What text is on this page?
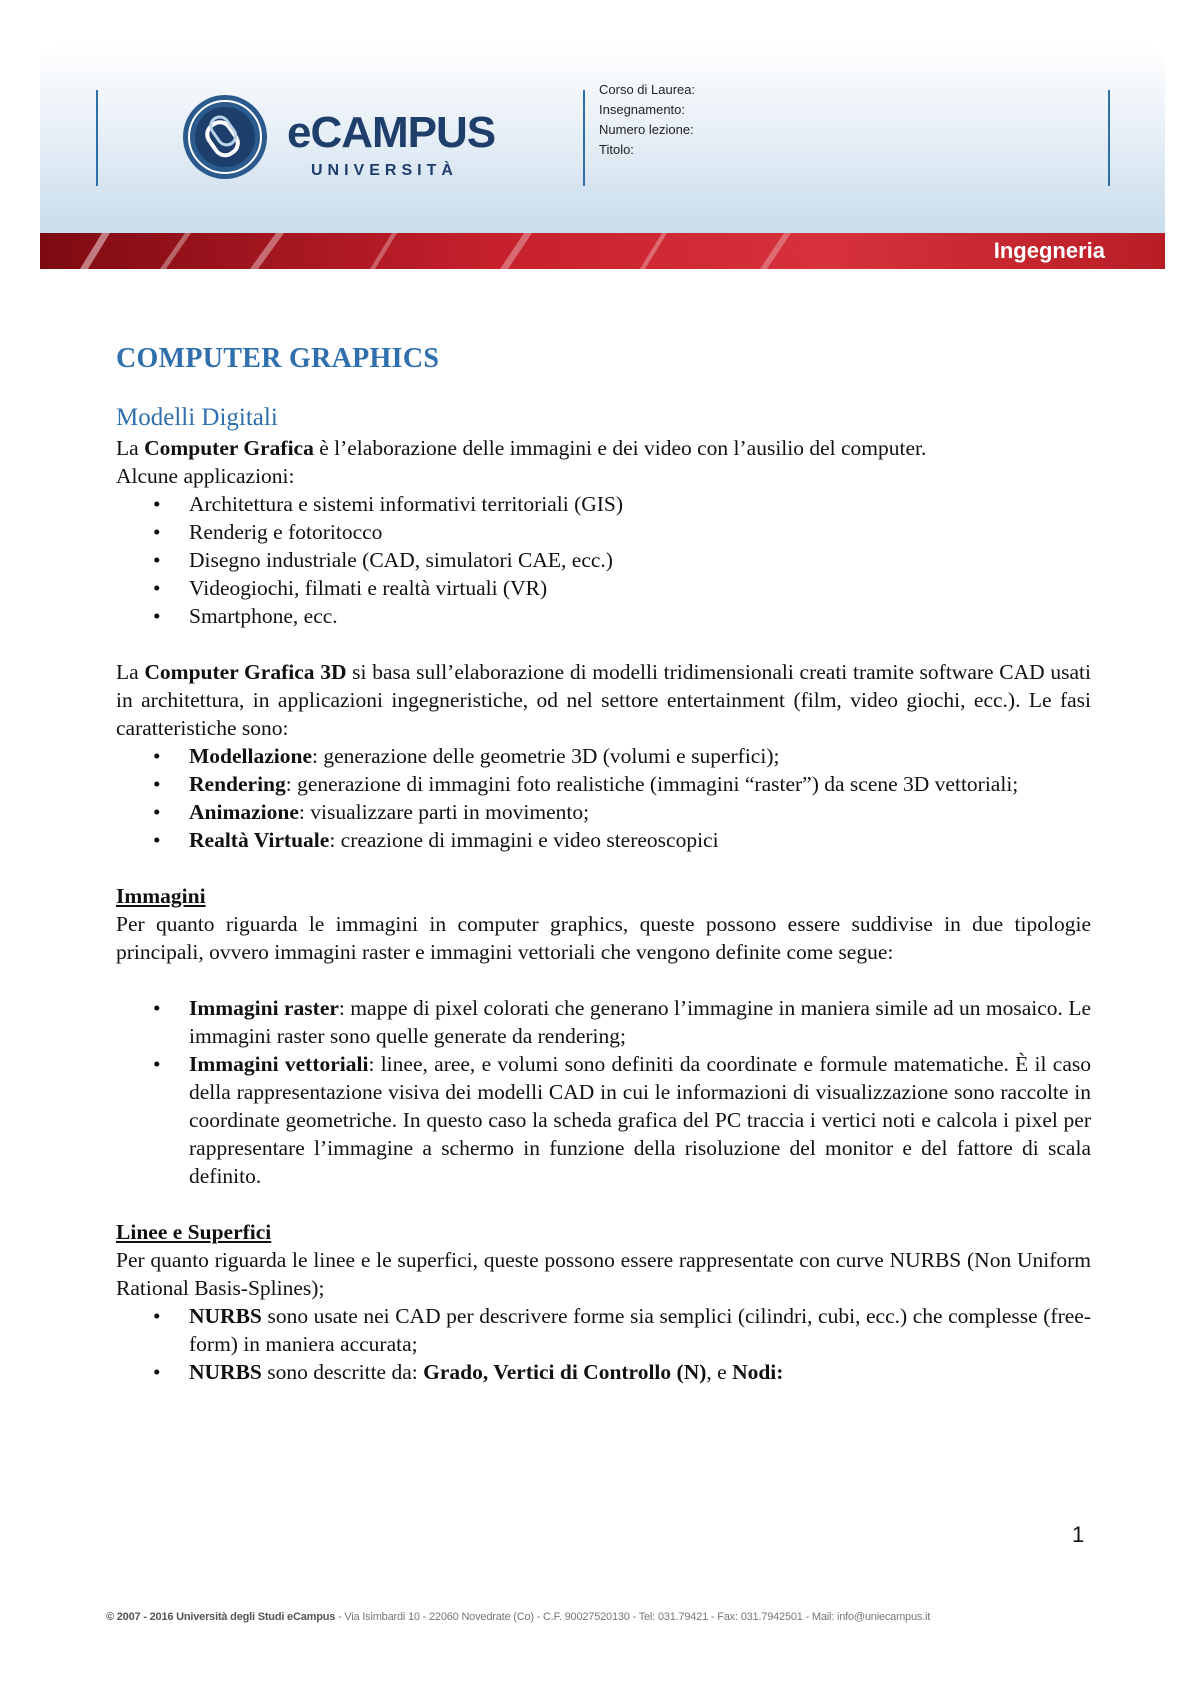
eCAMPUS
UNIVERSITÀ
Corso di Laurea:
Insegnamento:
Numero lezione:
Titolo:
Ingegneria
COMPUTER GRAPHICS
Modelli Digitali

La Computer Grafica è l’elaborazione delle immagini e dei video con l’ausilio del computer.

Alcune applicazioni:

• Architettura e sistemi informativi territoriali (GIS)
• Renderig e fotoritocco
• Disegno industriale (CAD, simulatori CAE, ecc.)
• Videogiochi, filmati e realtà virtuali (VR)
• Smartphone, ecc.

La Computer Grafica 3D si basa sull’elaborazione di modelli tridimensionali creati tramite software CAD usati in architettura, in applicazioni ingegneristiche, od nel settore entertainment (film, video giochi, ecc.). Le fasi caratteristiche sono:

• Modellazione: generazione delle geometrie 3D (volumi e superfici);
• Rendering: generazione di immagini foto realistiche (immagini “raster”) da scene 3D vettoriali;
• Animazione: visualizzare parti in movimento;
• Realtà Virtuale: creazione di immagini e video stereoscopici

Immagini

Per quanto riguarda le immagini in computer graphics, queste possono essere suddivise in due tipologie principali, ovvero immagini raster e immagini vettoriali che vengono definite come segue:

• Immagini raster: mappe di pixel colorati che generano l’immagine in maniera simile ad un mosaico. Le immagini raster sono quelle generate da rendering;
• Immagini vettoriali: linee, aree, e volumi sono definiti da coordinate e formule matematiche. È il caso della rappresentazione visiva dei modelli CAD in cui le informazioni di visualizzazione sono raccolte in coordinate geometriche. In questo caso la scheda grafica del PC traccia i vertici noti e calcola i pixel per rappresentare l’immagine a schermo in funzione della risoluzione del monitor e del fattore di scala definito.

Linee e Superfici

Per quanto riguarda le linee e le superfici, queste possono essere rappresentate con curve NURBS (Non Uniform Rational Basis-Splines);

• NURBS sono usate nei CAD per descrivere forme sia semplici (cilindri, cubi, ecc.) che complesse (free-form) in maniera accurata;
• NURBS sono descritte da: Grado, Vertici di Controllo (N), e Nodi:
1
© 2007 - 2016 Università degli Studi eCampus - Via Isimbardi 10 - 22060 Novedrate (Co) - C.F. 90027520130 - Tel: 031.79421 - Fax: 031.7942501 - Mail: info@uniecampus.it
